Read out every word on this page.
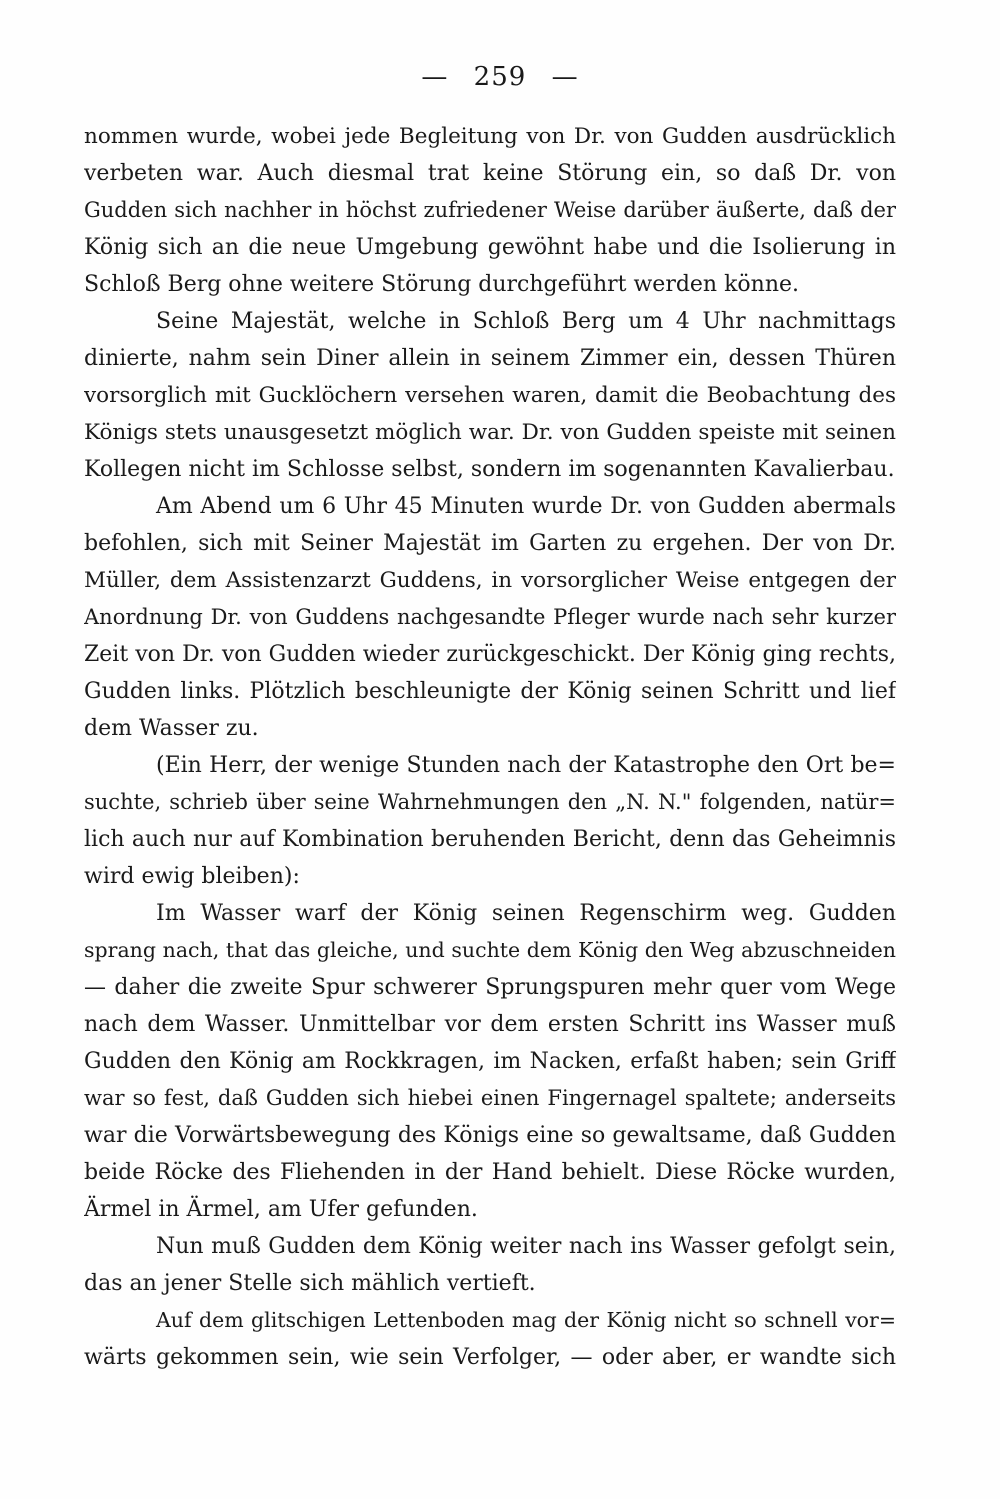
— 259 —
nommen wurde, wobei jede Begleitung von Dr. von Gudden ausdrücklich
verbeten war. Auch diesmal trat keine Störung ein, so daß Dr. von
Gudden sich nachher in höchst zufriedener Weise darüber äußerte, daß der
König sich an die neue Umgebung gewöhnt habe und die Isolierung in
Schloß Berg ohne weitere Störung durchgeführt werden könne.
Seine Majestät, welche in Schloß Berg um 4 Uhr nachmittags
dinierte, nahm sein Diner allein in seinem Zimmer ein, dessen Thüren
vorsorglich mit Gucklöchern versehen waren, damit die Beobachtung des
Königs stets unausgesetzt möglich war. Dr. von Gudden speiste mit seinen
Kollegen nicht im Schlosse selbst, sondern im sogenannten Kavalierbau.
Am Abend um 6 Uhr 45 Minuten wurde Dr. von Gudden abermals
befohlen, sich mit Seiner Majestät im Garten zu ergehen. Der von Dr.
Müller, dem Assistenzarzt Guddens, in vorsorglicher Weise entgegen der
Anordnung Dr. von Guddens nachgesandte Pfleger wurde nach sehr kurzer
Zeit von Dr. von Gudden wieder zurückgeschickt. Der König ging rechts,
Gudden links. Plötzlich beschleunigte der König seinen Schritt und lief
dem Wasser zu.
(Ein Herr, der wenige Stunden nach der Katastrophe den Ort be=
suchte, schrieb über seine Wahrnehmungen den „N. N." folgenden, natür=
lich auch nur auf Kombination beruhenden Bericht, denn das Geheimnis
wird ewig bleiben):
Im Wasser warf der König seinen Regenschirm weg. Gudden
sprang nach, that das gleiche, und suchte dem König den Weg abzuschneiden
— daher die zweite Spur schwerer Sprungspuren mehr quer vom Wege
nach dem Wasser. Unmittelbar vor dem ersten Schritt ins Wasser muß
Gudden den König am Rockkragen, im Nacken, erfaßt haben; sein Griff
war so fest, daß Gudden sich hiebei einen Fingernagel spaltete; anderseits
war die Vorwärtsbewegung des Königs eine so gewaltsame, daß Gudden
beide Röcke des Fliehenden in der Hand behielt. Diese Röcke wurden,
Ärmel in Ärmel, am Ufer gefunden.
Nun muß Gudden dem König weiter nach ins Wasser gefolgt sein,
das an jener Stelle sich mählich vertieft.
Auf dem glitschigen Lettenboden mag der König nicht so schnell vor=
wärts gekommen sein, wie sein Verfolger, — oder aber, er wandte sich
